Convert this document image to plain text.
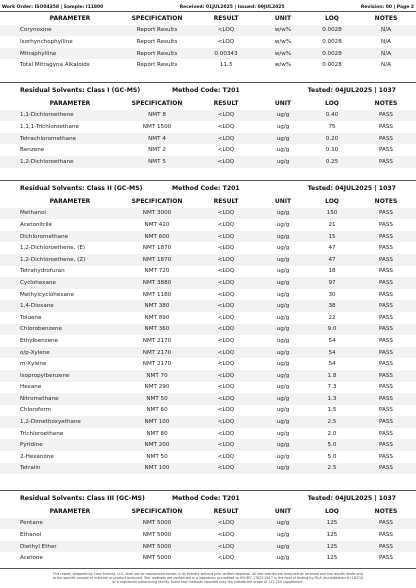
Work Order: ISO04358 | Sample: I11800	Received: 01JUL2025 | Issued: 09JUL2025	Revision: 00 | Page 2
PARAMETER	SPECIFICATION	RESULT	UNIT	LOQ	NOTES
Corynoxine	Report Results	<LOQ	w/w%	0.0028	N/A
Isorhynchophylline	Report Results	<LOQ	w/w%	0.0028	N/A
Mitraphylline	Report Results	0.00343	w/w%	0.0028	N/A
Total Mitragyna Alkaloids	Report Results	11.3	w/w%	0.0028	N/A
Residual Solvents: Class I (GC-MS)	Method Code: T201	Tested: 04JUL2025 | 1037
PARAMETER	SPECIFICATION	RESULT	UNIT	LOQ	NOTES
1,1-Dichloroethene	NMT 8	<LOQ	ug/g	0.40	PASS
1,1,1-Trichloroethane	NMT 1500	<LOQ	ug/g	75	PASS
Tetrachloromethane	NMT 4	<LOQ	ug/g	0.20	PASS
Benzene	NMT 2	<LOQ	ug/g	0.10	PASS
1,2-Dichloroethane	NMT 5	<LOQ	ug/g	0.25	PASS
Residual Solvents: Class II (GC-MS)	Method Code: T201	Tested: 04JUL2025 | 1037
PARAMETER	SPECIFICATION	RESULT	UNIT	LOQ	NOTES
Methanol	NMT 3000	<LOQ	ug/g	150	PASS
Acetonitrile	NMT 410	<LOQ	ug/g	21	PASS
Dichloromethane	NMT 600	<LOQ	ug/g	15	PASS
1,2-Dichloroethene, (E)	NMT 1870	<LOQ	ug/g	47	PASS
1,2-Dichloroethene, (Z)	NMT 1870	<LOQ	ug/g	47	PASS
Tetrahydrofuran	NMT 720	<LOQ	ug/g	18	PASS
Cyclohexane	NMT 3880	<LOQ	ug/g	97	PASS
Methylcyclohexane	NMT 1180	<LOQ	ug/g	30	PASS
1,4-Dioxane	NMT 380	<LOQ	ug/g	38	PASS
Toluene	NMT 890	<LOQ	ug/g	22	PASS
Chlorobenzene	NMT 360	<LOQ	ug/g	9.0	PASS
Ethylbenzene	NMT 2170	<LOQ	ug/g	54	PASS
o/p-Xylene	NMT 2170	<LOQ	ug/g	54	PASS
m-Xylene	NMT 2170	<LOQ	ug/g	54	PASS
Isopropylbenzene	NMT 70	<LOQ	ug/g	1.8	PASS
Hexane	NMT 290	<LOQ	ug/g	7.3	PASS
Nitromethane	NMT 50	<LOQ	ug/g	1.3	PASS
Chloroform	NMT 60	<LOQ	ug/g	1.5	PASS
1,2-Dimethoxyethane	NMT 100	<LOQ	ug/g	2.5	PASS
Trichloroethene	NMT 80	<LOQ	ug/g	2.0	PASS
Pyridine	NMT 200	<LOQ	ug/g	5.0	PASS
2-Hexanone	NMT 50	<LOQ	ug/g	5.0	PASS
Tetralin	NMT 100	<LOQ	ug/g	2.5	PASS
Residual Solvents: Class III (GC-MS)	Method Code: T201	Tested: 04JUL2025 | 1037
PARAMETER	SPECIFICATION	RESULT	UNIT	LOQ	NOTES
Pentane	NMT 5000	<LOQ	ug/g	125	PASS
Ethanol	NMT 5000	<LOQ	ug/g	125	PASS
Diethyl Ether	NMT 5000	<LOQ	ug/g	125	PASS
Acetone	NMT 5000	<LOQ	ug/g	125	PASS
This report, prepared by Cora Science, LLC, shall not be reproduced except in its entirety without prior written approval. All test articles are analyzed as received and the results relate only
to the specific sample of material or product analyzed. Test methods are performed in a laboratory accredited to ISO/IEC 17025:2017 in the field of testing by PJLA (Accreditation #116374)
or a registered outsourcing facility. Some test methods reported may fall outside the scope of 122-250 supplement.
